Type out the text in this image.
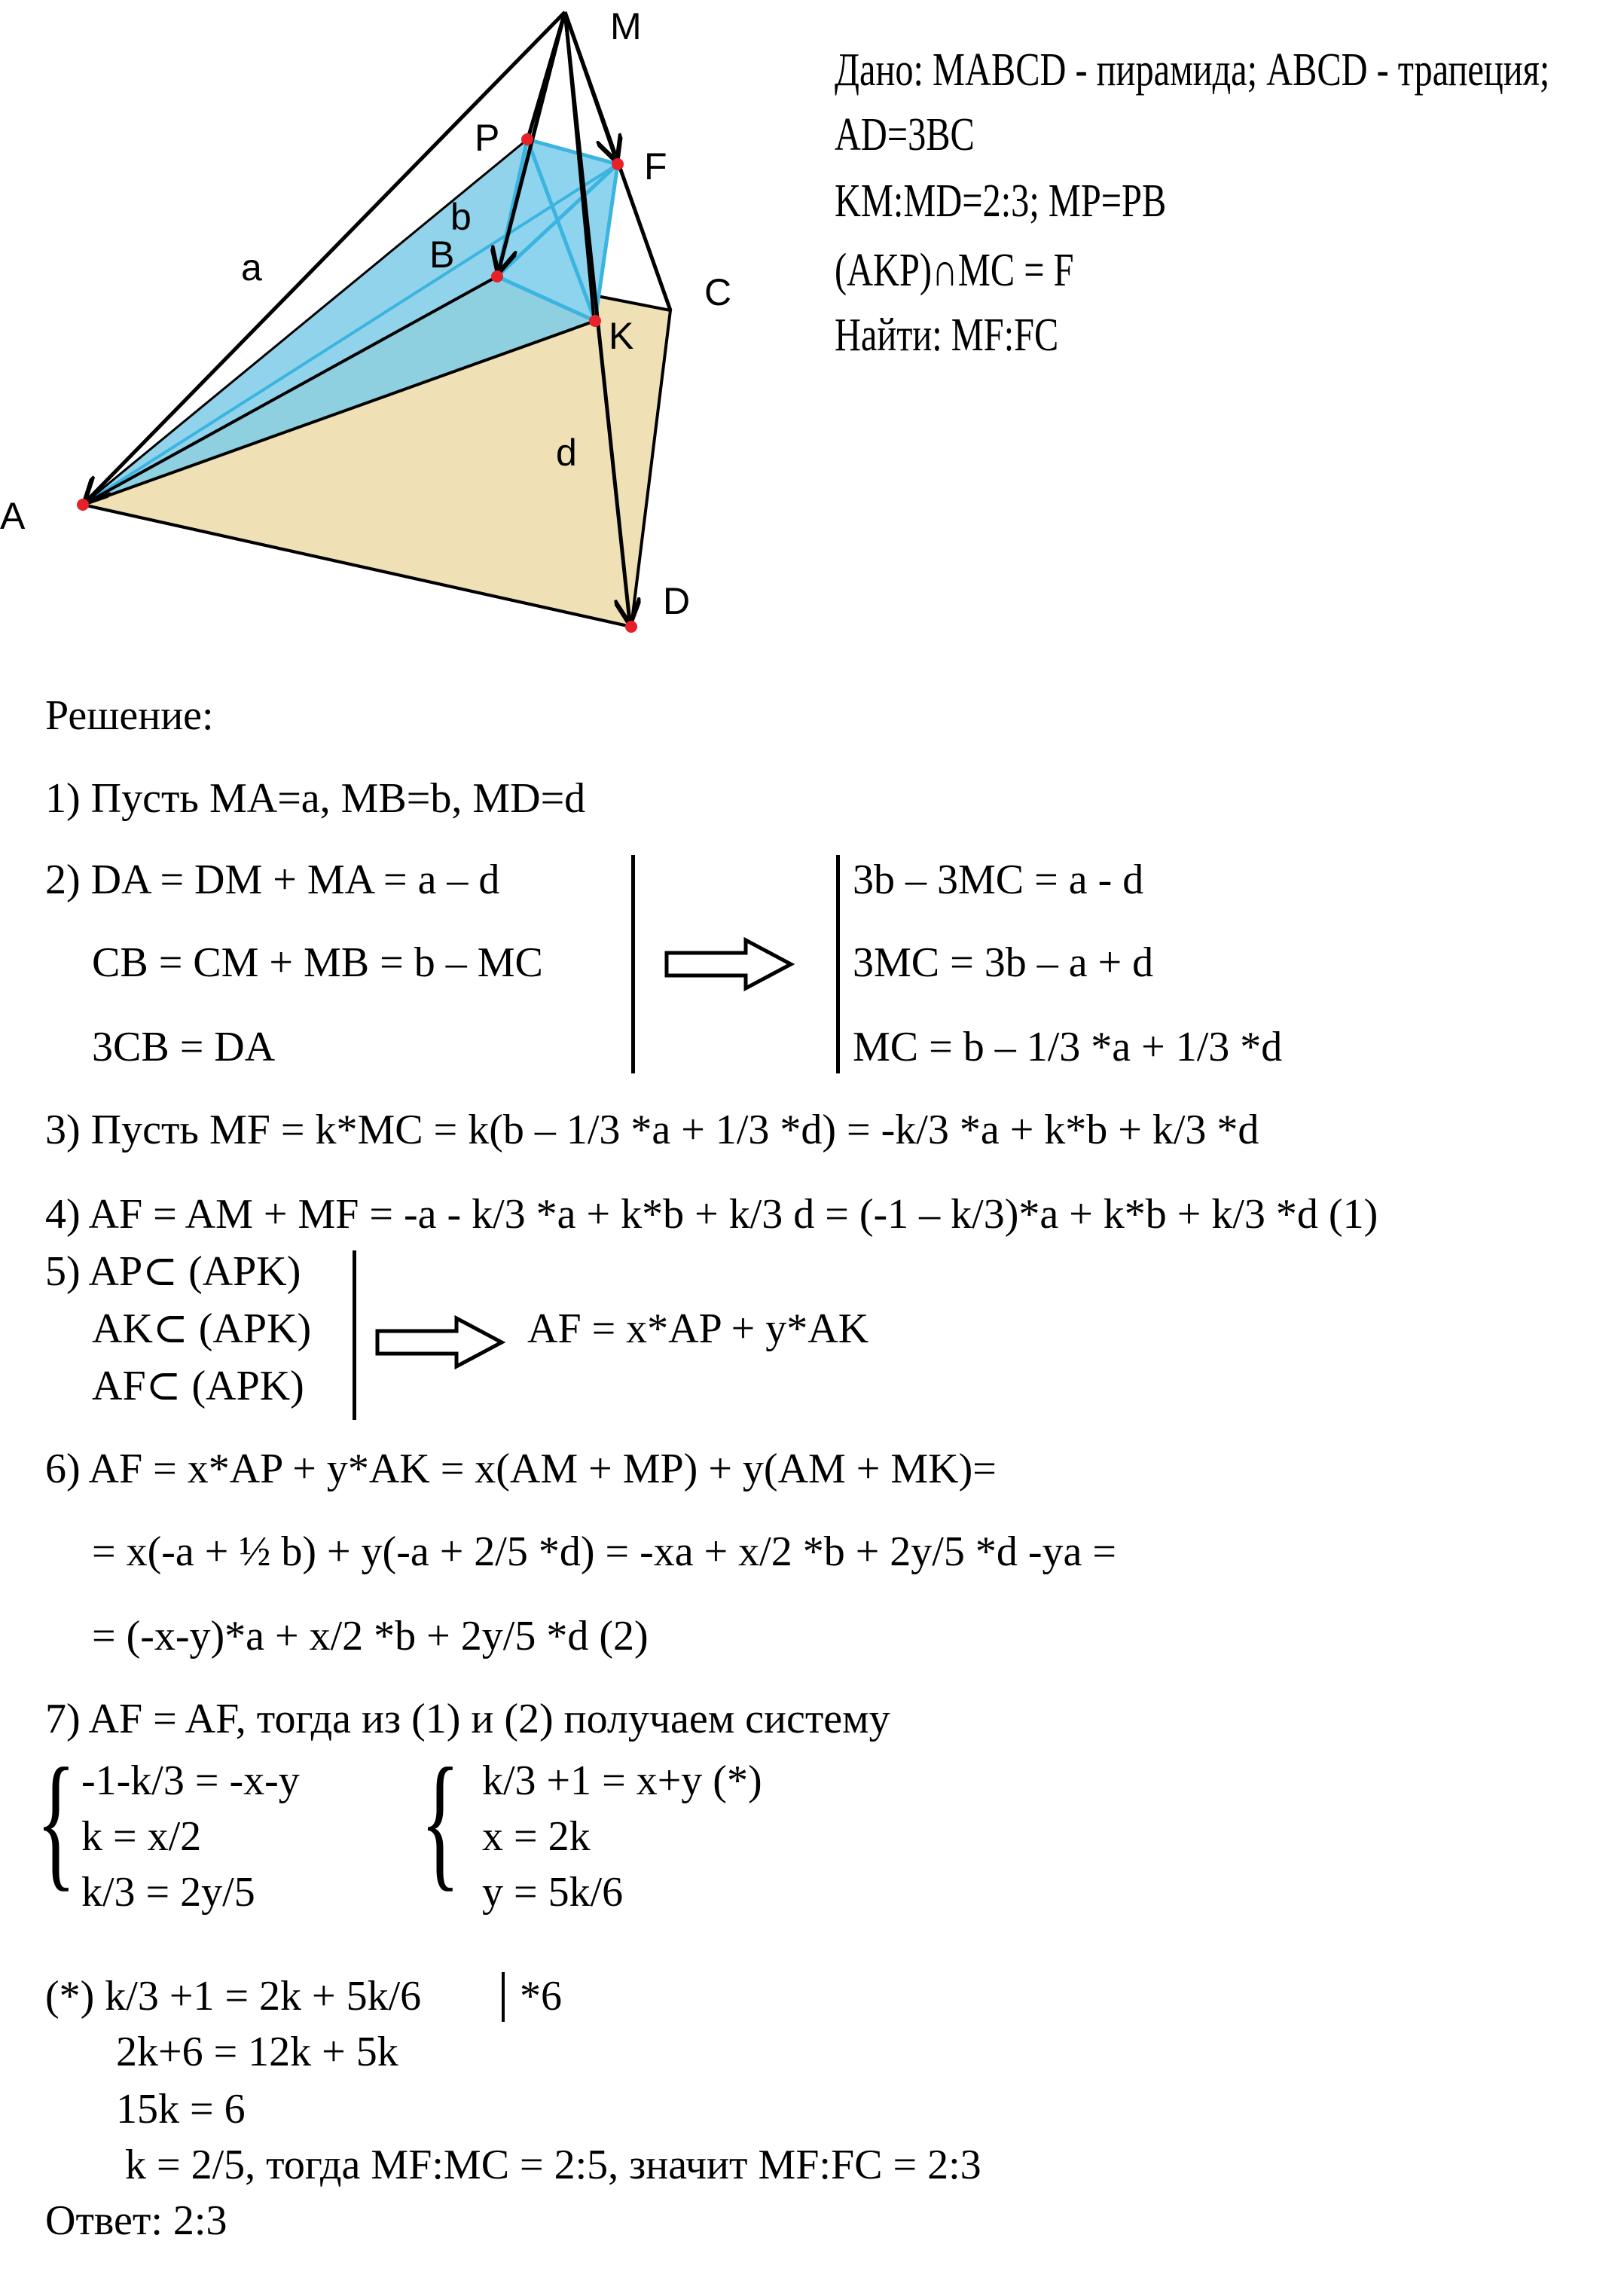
M
P
F
B
C
K
A
D
a
b
d
Дано: MABCD - пирамида; ABCD - трапеция;
AD=3BC
KM:MD=2:3; MP=PB
(AKP)∩MC = F
Найти: MF:FC
Решение:
1) Пусть MA=a, MB=b, MD=d
2) DA = DM + MA = a – d
CB = CM + MB = b – MC
3CB = DA
3b – 3MC = a - d
3MC = 3b – a + d
MC = b – 1/3 *a + 1/3 *d
3) Пусть MF = k*MC = k(b – 1/3 *a + 1/3 *d) = -k/3 *a + k*b + k/3 *d
4) AF = AM + MF = -a - k/3 *a + k*b + k/3 d = (-1 – k/3)*a + k*b + k/3 *d (1)
5) AP⊂ (APK)
AK⊂ (APK)
AF⊂ (APK)
AF = x*AP + y*AK
6) AF = x*AP + y*AK = x(AM + MP) + y(AM + MK)=
= x(-a + ½ b) + y(-a + 2/5 *d) = -xa + x/2 *b + 2y/5 *d -ya =
= (-x-y)*a + x/2 *b + 2y/5 *d (2)
7) AF = AF, тогда из (1) и (2) получаем систему
{ -1-k/3 = -x-y
k = x/2
k/3 = 2y/5 { k/3 +1 = x+y (*)
x = 2k
y = 5k/6
(*) k/3 +1 = 2k + 5k/6 *6
2k+6 = 12k + 5k
15k = 6
k = 2/5, тогда MF:MC = 2:5, значит MF:FC = 2:3
Ответ: 2:3
